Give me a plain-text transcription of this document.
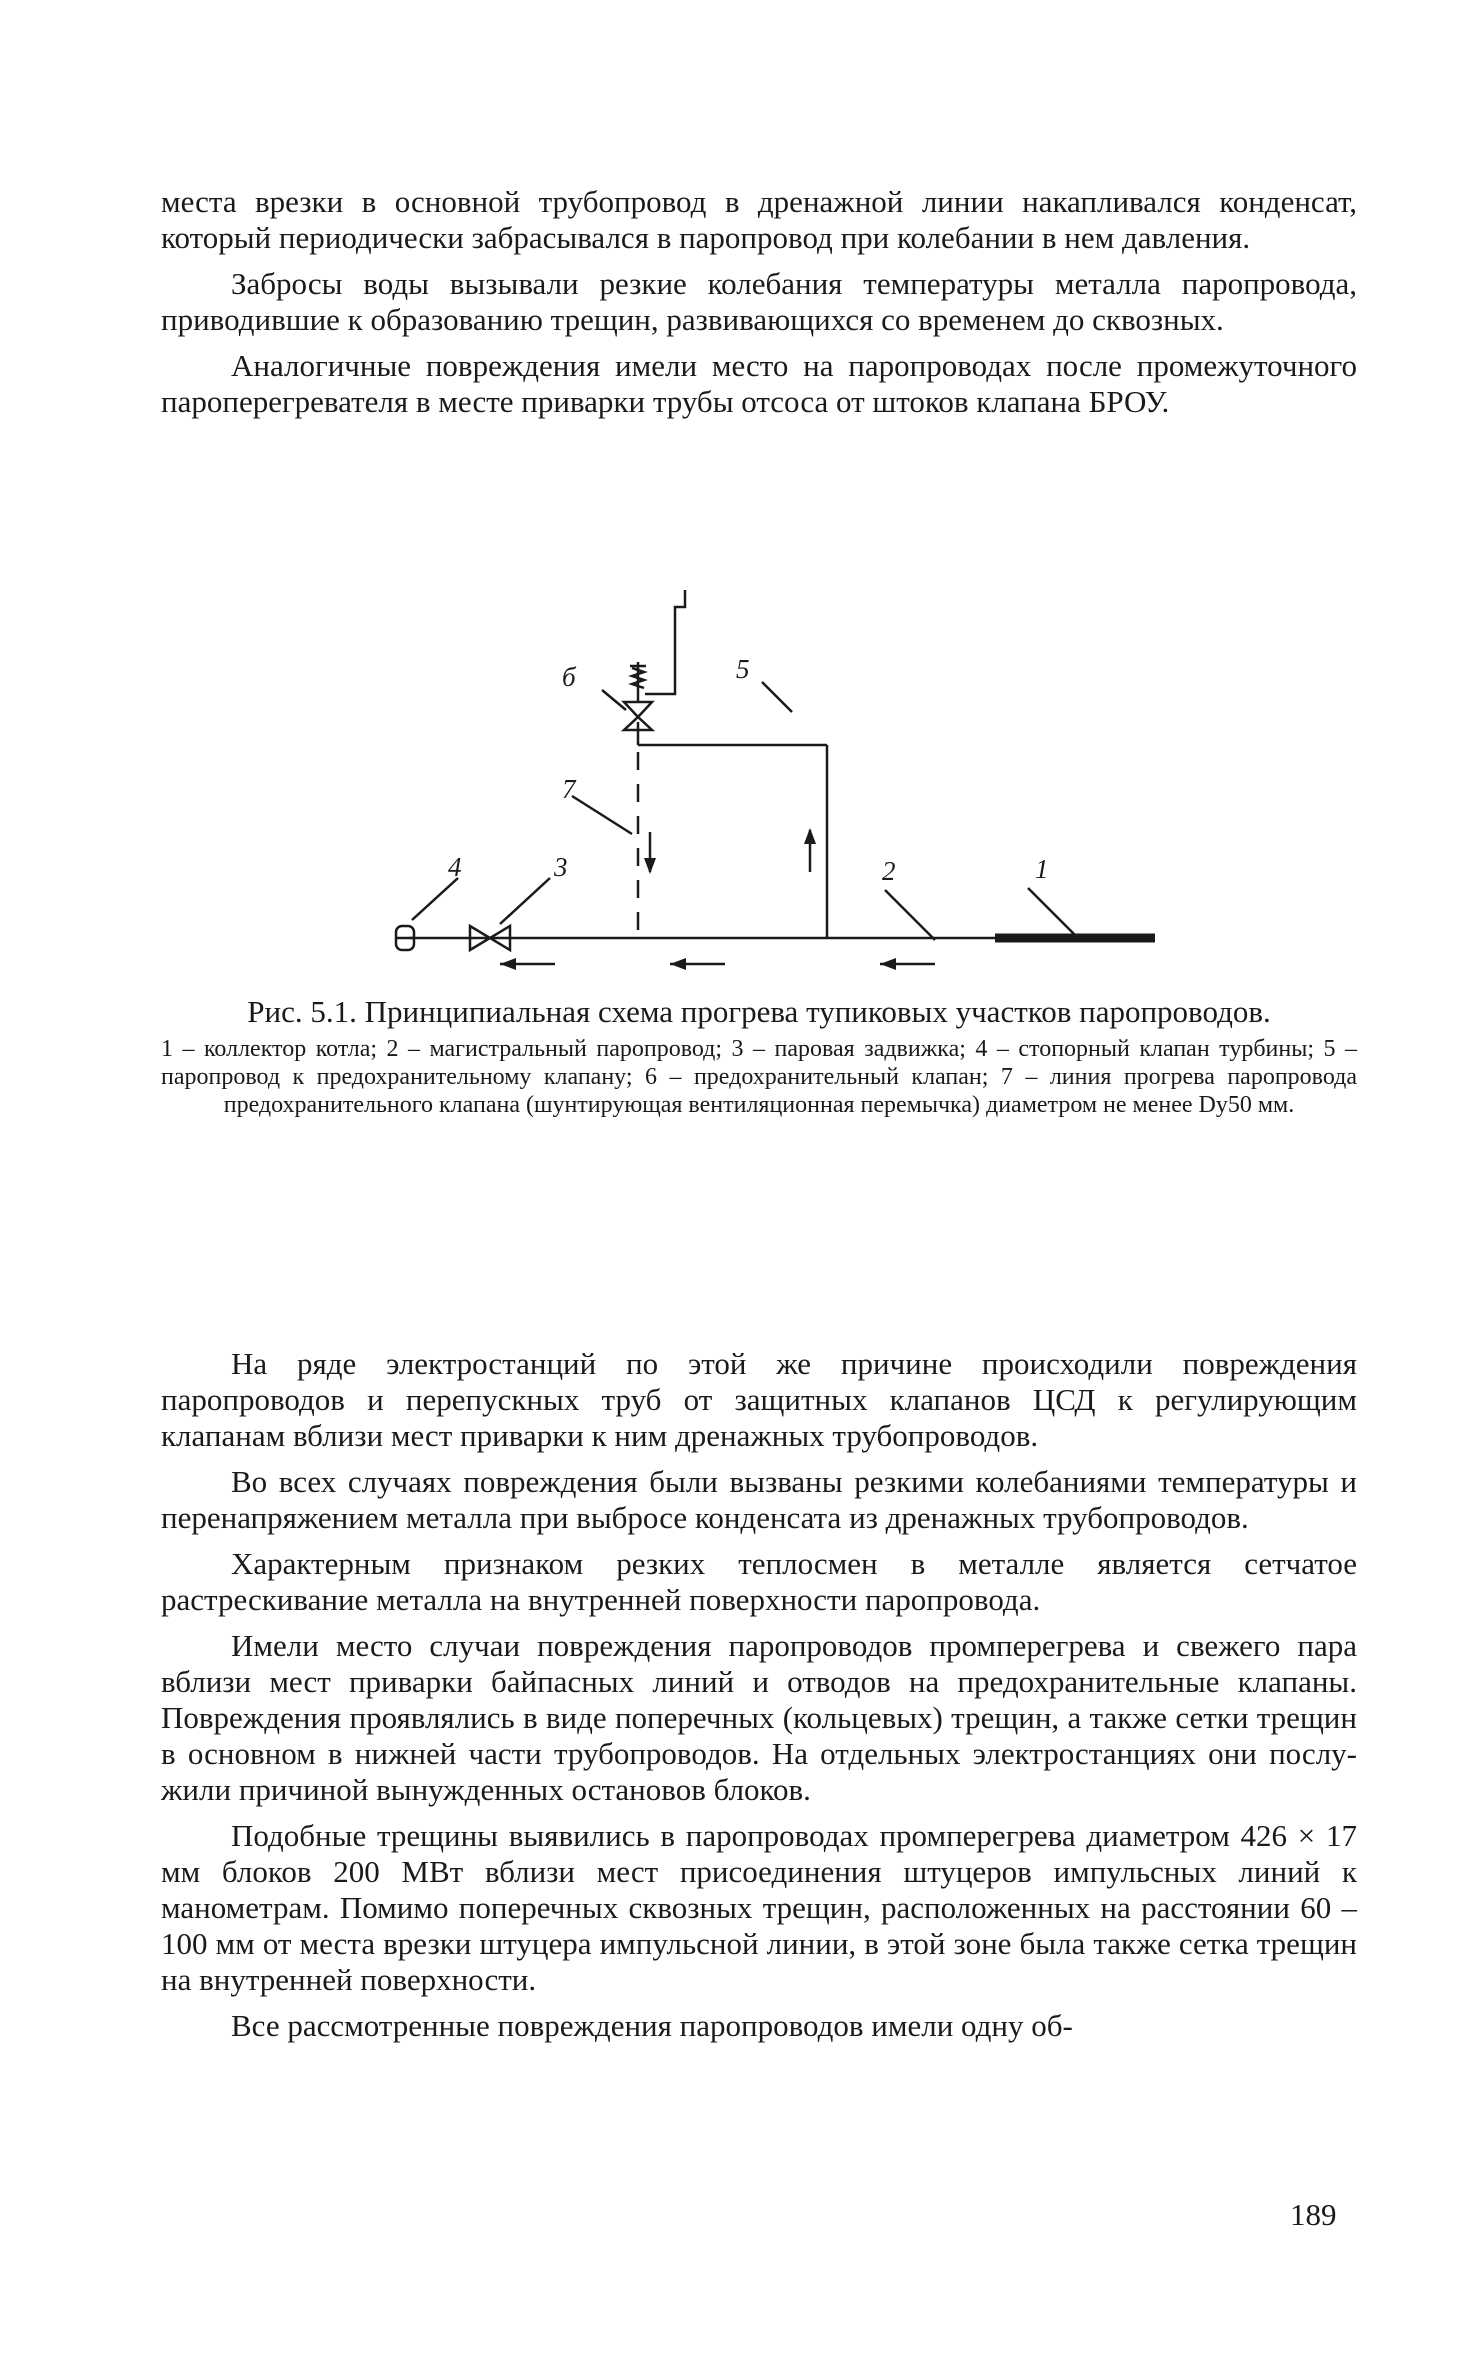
места врезки в основной трубопровод в дренажной линии накапливался конденсат, который периодически забрасывался в паропровод при колебании в нем давления.

Забросы воды вызывали резкие колебания температуры металла паропровода, приводившие к образованию трещин, развивающихся со временем до сквозных.

Аналогичные повреждения имели место на паропроводах после промежуточного пароперегревателя в месте приварки трубы отсоса от штоков клапана БРОУ.

1
2
3
4
5
б
7

Рис. 5.1. Принципиальная схема прогрева тупиковых участков паропроводов.

1 – коллектор котла; 2 – магистральный паропровод; 3 – паровая задвижка; 4 – стопорный клапан турбины; 5 – паропровод к предохранительному клапану; 6 – предохранительный клапан; 7 – линия прогрева паропровода предохранительного клапана (шунтирующая вентиляционная перемычка) диаметром не менее Dу50 мм.

На ряде электростанций по этой же причине происходили повреждения паропроводов и перепускных труб от защитных клапанов ЦСД к регулирующим клапанам вблизи мест приварки к ним дренажных трубопроводов.

Во всех случаях повреждения были вызваны резкими колебаниями температуры и перенапряжением металла при выбросе конденсата из дренажных трубопроводов.

Характерным признаком резких теплосмен в металле является сетчатое растрескивание металла на внутренней поверхности паропровода.

Имели место случаи повреждения паропроводов промперегрева и свежего пара вблизи мест приварки байпасных линий и отводов на предохранительные клапаны. Повреждения проявлялись в виде поперечных (кольцевых) трещин, а также сетки трещин в основном в нижней части трубопроводов. На отдельных электростанциях они послужили причиной вынужденных остановов блоков.

Подобные трещины выявились в паропроводах промперегрева диаметром 426 × 17 мм блоков 200 МВт вблизи мест присоединения штуцеров импульсных линий к манометрам. Помимо поперечных сквозных трещин, расположенных на расстоянии 60 – 100 мм от места врезки штуцера импульсной линии, в этой зоне была также сетка трещин на внутренней поверхности.

Все рассмотренные повреждения паропроводов имели одну об-

189
